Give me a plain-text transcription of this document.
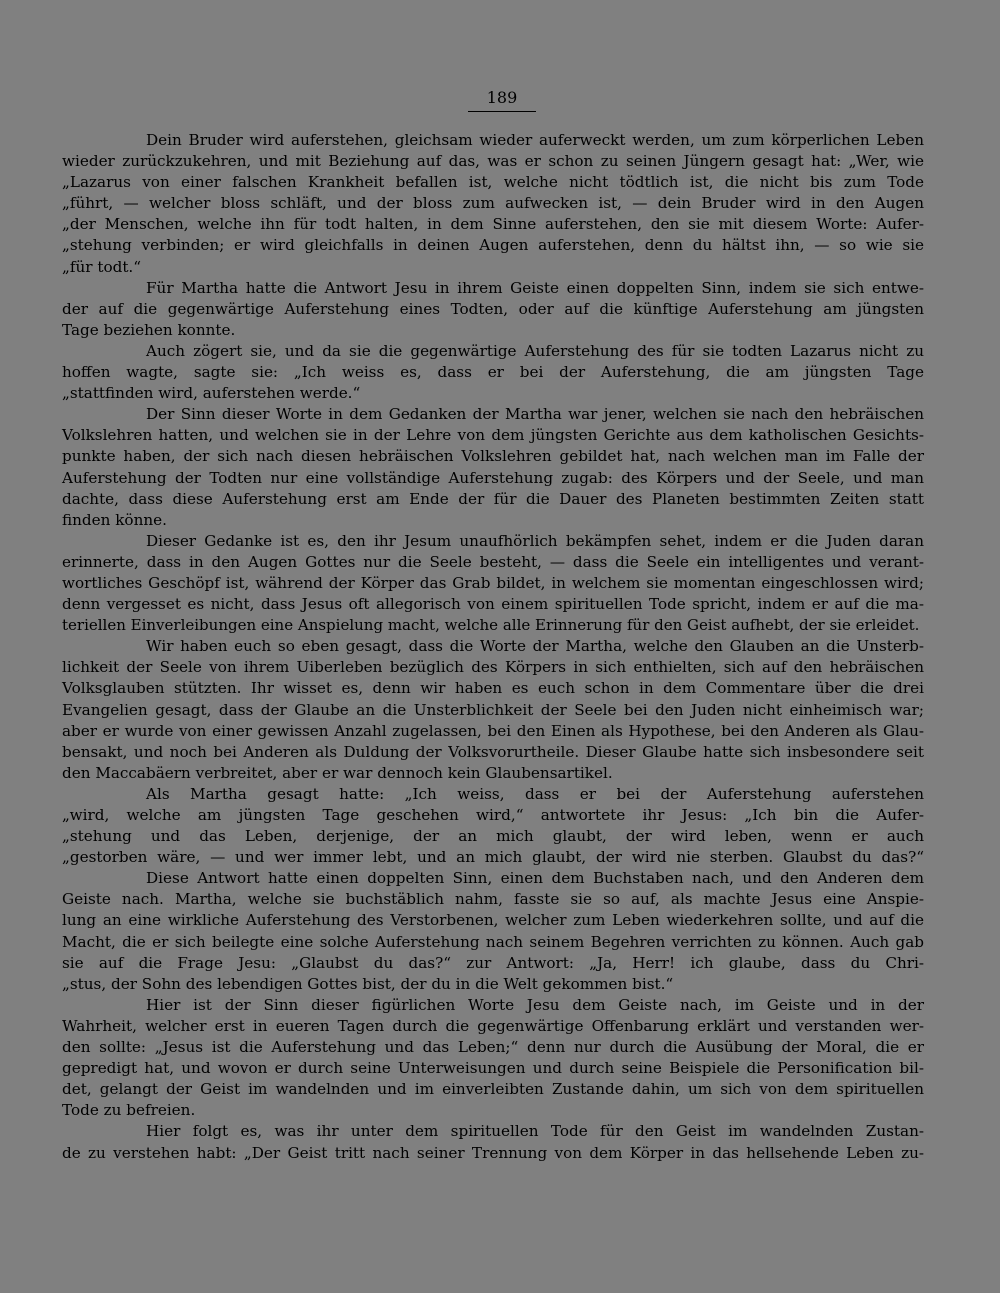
189
Dein Bruder wird auferstehen, gleichsam wieder auferweckt werden, um zum körperlichen Leben
wieder zurückzukehren, und mit Beziehung auf das, was er schon zu seinen Jüngern gesagt hat: „Wer, wie
„Lazarus von einer falschen Krankheit befallen ist, welche nicht tödtlich ist, die nicht bis zum Tode
„führt, — welcher bloss schläft, und der bloss zum aufwecken ist, — dein Bruder wird in den Augen
„der Menschen, welche ihn für todt halten, in dem Sinne auferstehen, den sie mit diesem Worte: Aufer-
„stehung verbinden; er wird gleichfalls in deinen Augen auferstehen, denn du hältst ihn, — so wie sie
„für todt.“
Für Martha hatte die Antwort Jesu in ihrem Geiste einen doppelten Sinn, indem sie sich entwe-
der auf die gegenwärtige Auferstehung eines Todten, oder auf die künftige Auferstehung am jüngsten
Tage beziehen konnte.
Auch zögert sie, und da sie die gegenwärtige Auferstehung des für sie todten Lazarus nicht zu
hoffen wagte, sagte sie: „Ich weiss es, dass er bei der Auferstehung, die am jüngsten Tage
„stattfinden wird, auferstehen werde.“
Der Sinn dieser Worte in dem Gedanken der Martha war jener, welchen sie nach den hebräischen
Volkslehren hatten, und welchen sie in der Lehre von dem jüngsten Gerichte aus dem katholischen Gesichts-
punkte haben, der sich nach diesen hebräischen Volkslehren gebildet hat, nach welchen man im Falle der
Auferstehung der Todten nur eine vollständige Auferstehung zugab: des Körpers und der Seele, und man
dachte, dass diese Auferstehung erst am Ende der für die Dauer des Planeten bestimmten Zeiten statt
finden könne.
Dieser Gedanke ist es, den ihr Jesum unaufhörlich bekämpfen sehet, indem er die Juden daran
erinnerte, dass in den Augen Gottes nur die Seele besteht, — dass die Seele ein intelligentes und verant-
wortliches Geschöpf ist, während der Körper das Grab bildet, in welchem sie momentan eingeschlossen wird;
denn vergesset es nicht, dass Jesus oft allegorisch von einem spirituellen Tode spricht, indem er auf die ma-
teriellen Einverleibungen eine Anspielung macht, welche alle Erinnerung für den Geist aufhebt, der sie erleidet.
Wir haben euch so eben gesagt, dass die Worte der Martha, welche den Glauben an die Unsterb-
lichkeit der Seele von ihrem Uiberleben bezüglich des Körpers in sich enthielten, sich auf den hebräischen
Volksglauben stützten. Ihr wisset es, denn wir haben es euch schon in dem Commentare über die drei
Evangelien gesagt, dass der Glaube an die Unsterblichkeit der Seele bei den Juden nicht einheimisch war;
aber er wurde von einer gewissen Anzahl zugelassen, bei den Einen als Hypothese, bei den Anderen als Glau-
bensakt, und noch bei Anderen als Duldung der Volksvorurtheile. Dieser Glaube hatte sich insbesondere seit
den Maccabäern verbreitet, aber er war dennoch kein Glaubensartikel.
Als Martha gesagt hatte: „Ich weiss, dass er bei der Auferstehung auferstehen
„wird, welche am jüngsten Tage geschehen wird,“ antwortete ihr Jesus: „Ich bin die Aufer-
„stehung und das Leben, derjenige, der an mich glaubt, der wird leben, wenn er auch
„gestorben wäre, — und wer immer lebt, und an mich glaubt, der wird nie sterben. Glaubst du das?“
Diese Antwort hatte einen doppelten Sinn, einen dem Buchstaben nach, und den Anderen dem
Geiste nach. Martha, welche sie buchstäblich nahm, fasste sie so auf, als machte Jesus eine Anspie-
lung an eine wirkliche Auferstehung des Verstorbenen, welcher zum Leben wiederkehren sollte, und auf die
Macht, die er sich beilegte eine solche Auferstehung nach seinem Begehren verrichten zu können. Auch gab
sie auf die Frage Jesu: „Glaubst du das?“ zur Antwort: „Ja, Herr! ich glaube, dass du Chri-
„stus, der Sohn des lebendigen Gottes bist, der du in die Welt gekommen bist.“
Hier ist der Sinn dieser figürlichen Worte Jesu dem Geiste nach, im Geiste und in der
Wahrheit, welcher erst in eueren Tagen durch die gegenwärtige Offenbarung erklärt und verstanden wer-
den sollte: „Jesus ist die Auferstehung und das Leben;“ denn nur durch die Ausübung der Moral, die er
gepredigt hat, und wovon er durch seine Unterweisungen und durch seine Beispiele die Personification bil-
det, gelangt der Geist im wandelnden und im einverleibten Zustande dahin, um sich von dem spirituellen
Tode zu befreien.
Hier folgt es, was ihr unter dem spirituellen Tode für den Geist im wandelnden Zustan-
de zu verstehen habt: „Der Geist tritt nach seiner Trennung von dem Körper in das hellsehende Leben zu-
